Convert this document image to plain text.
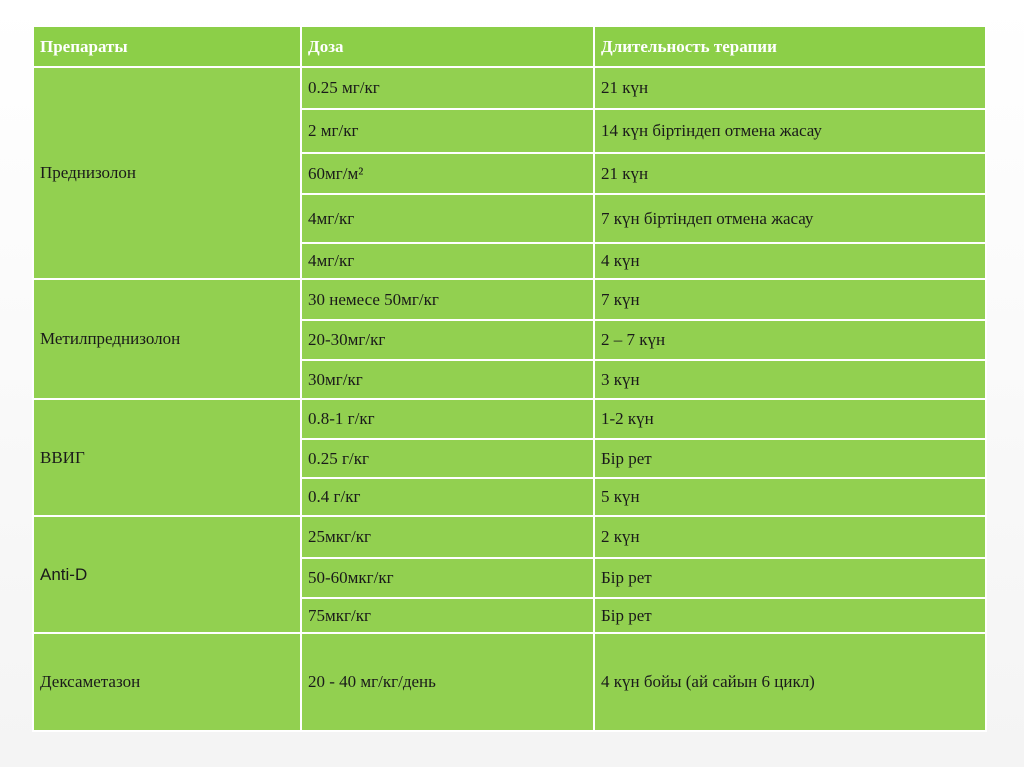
Препараты	Доза	Длительность терапии
Преднизолон	0.25 мг/кг	21 күн
	2 мг/кг	14 күн біртіндеп отмена жасау
	60мг/м²	21 күн
	4мг/кг	7 күн біртіндеп отмена жасау
	4мг/кг	4 күн
Метилпреднизолон	30 немесе 50мг/кг	7 күн
	20-30мг/кг	2 – 7 күн
	30мг/кг	3 күн
ВВИГ	0.8-1 г/кг	1-2 күн
	0.25 г/кг	Бір рет
	0.4 г/кг	5 күн
Anti-D	25мкг/кг	2 күн
	50-60мкг/кг	Бір рет
	75мкг/кг	Бір рет
Дексаметазон	20 - 40 мг/кг/день	4 күн бойы (ай сайын 6 цикл)
